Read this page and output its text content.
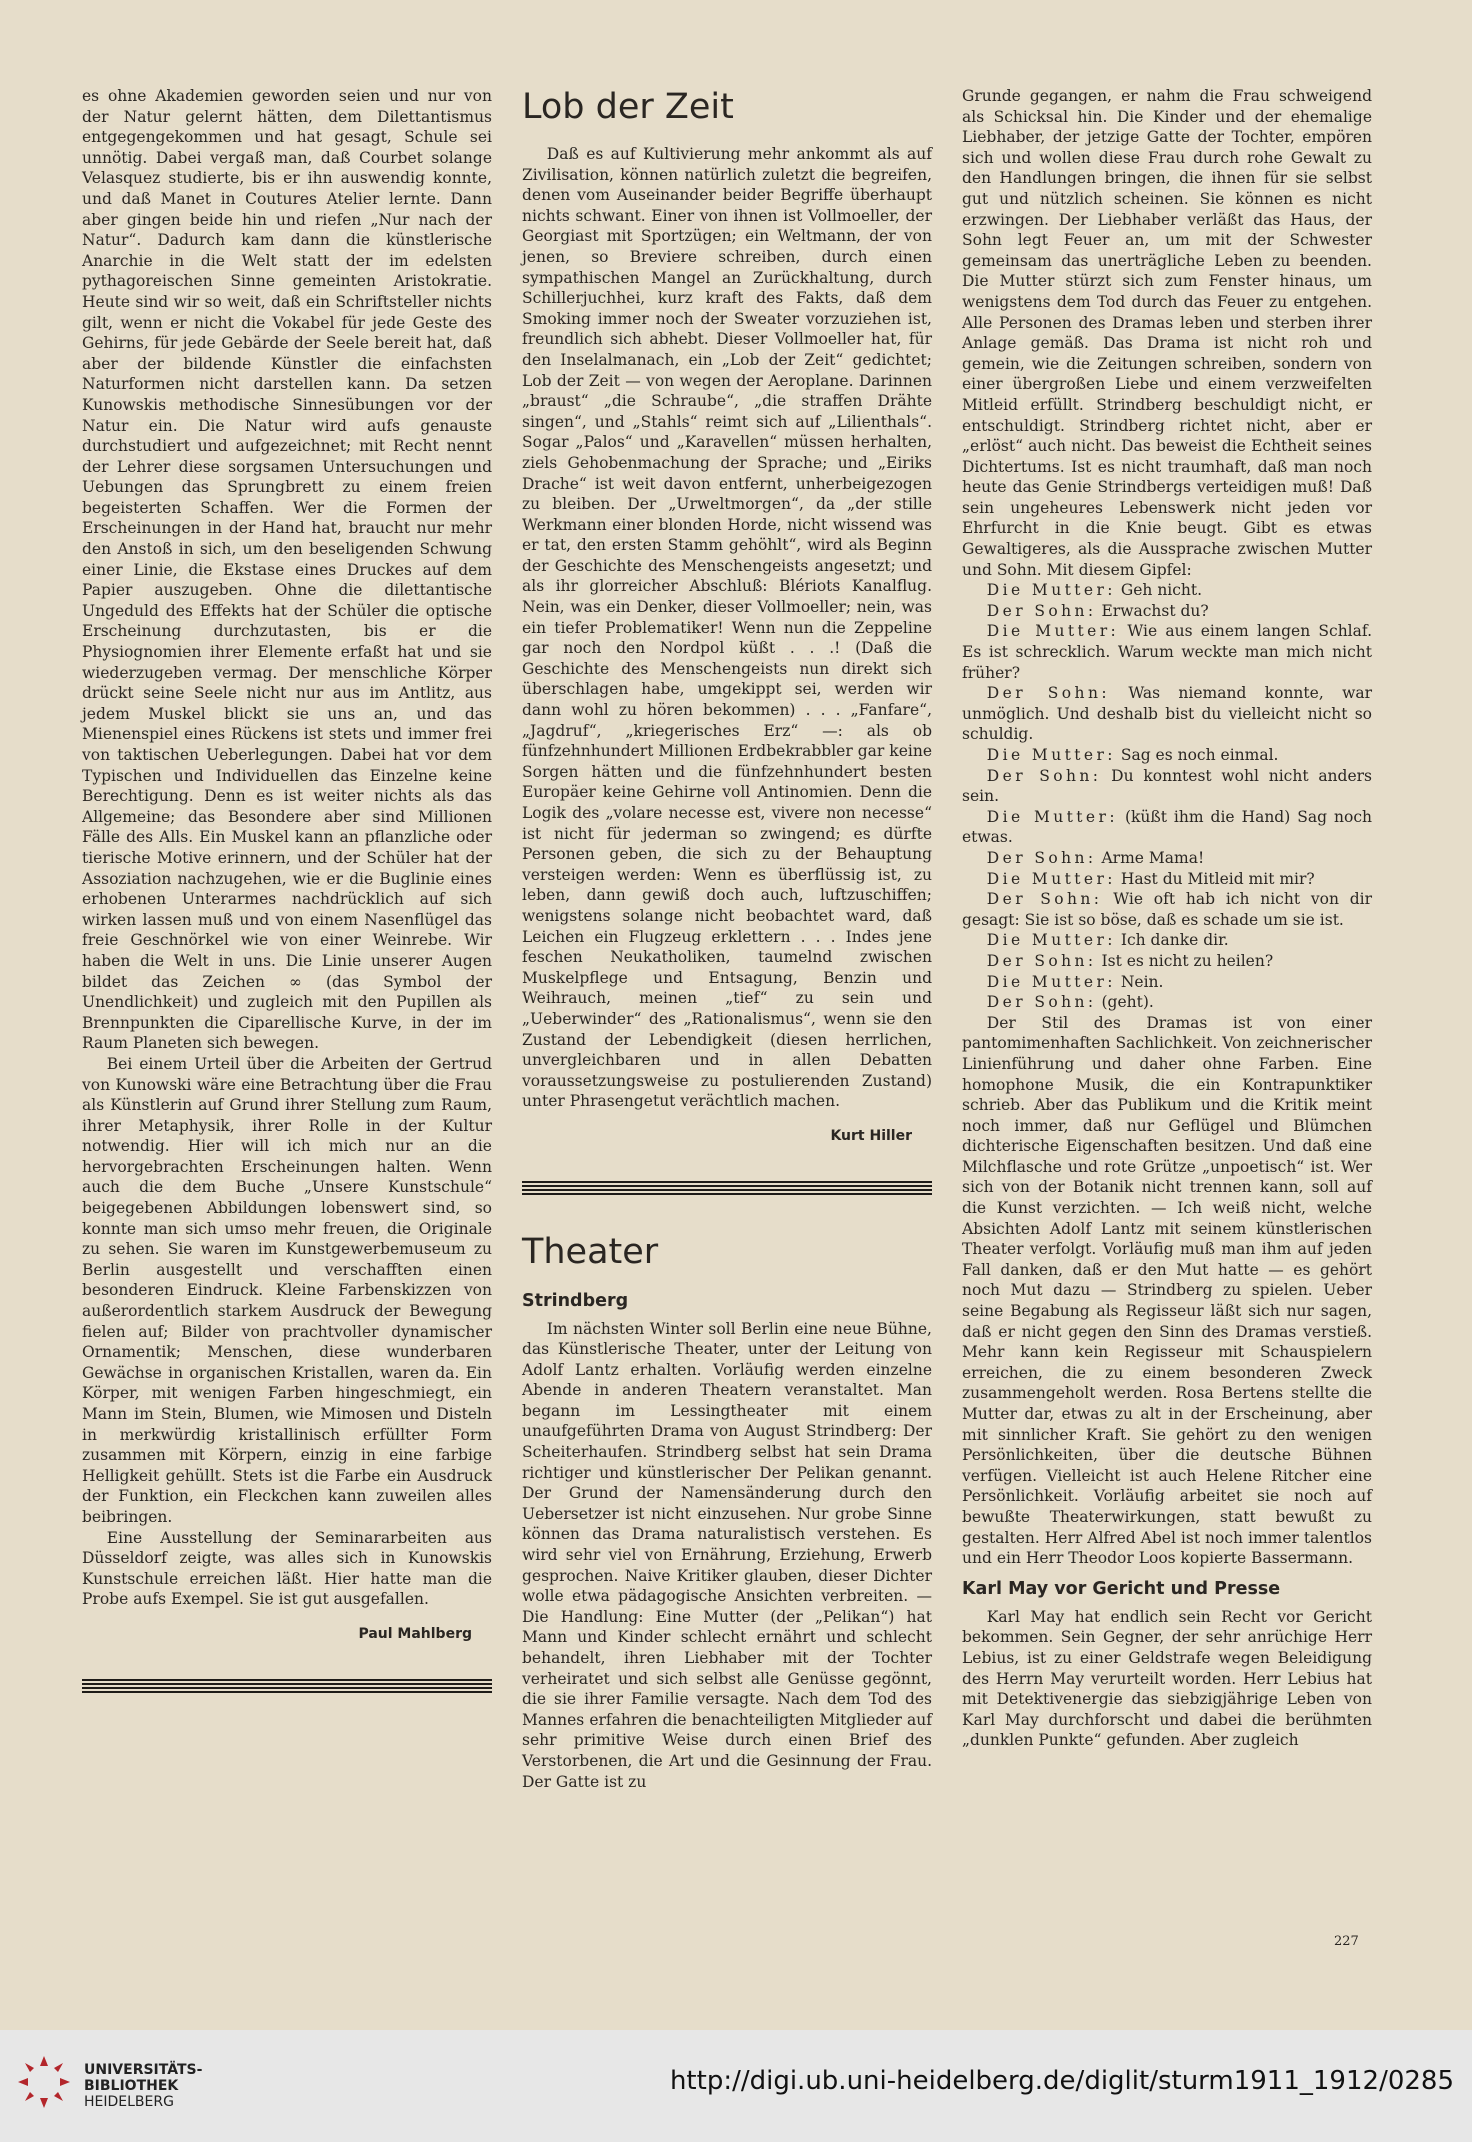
es ohne Akademien geworden seien und nur von der Natur gelernt hätten, dem Dilettantismus entgegengekommen und hat gesagt, Schule sei unnötig. Dabei vergaß man, daß Courbet solange Velasquez studierte, bis er ihn auswendig konnte, und daß Manet in Coutures Atelier lernte. Dann aber gingen beide hin und riefen „Nur nach der Natur“. Dadurch kam dann die künstlerische Anarchie in die Welt statt der im edelsten pythagoreischen Sinne gemeinten Aristokratie. Heute sind wir so weit, daß ein Schriftsteller nichts gilt, wenn er nicht die Vokabel für jede Geste des Gehirns, für jede Gebärde der Seele bereit hat, daß aber der bildende Künstler die einfachsten Naturformen nicht darstellen kann. Da setzen Kunowskis methodische Sinnesübungen vor der Natur ein. Die Natur wird aufs genauste durchstudiert und aufgezeichnet; mit Recht nennt der Lehrer diese sorgsamen Untersuchungen und Uebungen das Sprungbrett zu einem freien begeisterten Schaffen. Wer die Formen der Erscheinungen in der Hand hat, braucht nur mehr den Anstoß in sich, um den beseligenden Schwung einer Linie, die Ekstase eines Druckes auf dem Papier auszugeben. Ohne die dilettantische Ungeduld des Effekts hat der Schüler die optische Erscheinung durchzutasten, bis er die Physiognomien ihrer Elemente erfaßt hat und sie wiederzugeben vermag. Der menschliche Körper drückt seine Seele nicht nur aus im Antlitz, aus jedem Muskel blickt sie uns an, und das Mienenspiel eines Rückens ist stets und immer frei von taktischen Ueberlegungen. Dabei hat vor dem Typischen und Individuellen das Einzelne keine Berechtigung. Denn es ist weiter nichts als das Allgemeine; das Besondere aber sind Millionen Fälle des Alls. Ein Muskel kann an pflanzliche oder tierische Motive erinnern, und der Schüler hat der Assoziation nachzugehen, wie er die Buglinie eines erhobenen Unterarmes nachdrücklich auf sich wirken lassen muß und von einem Nasenflügel das freie Geschnörkel wie von einer Weinrebe. Wir haben die Welt in uns. Die Linie unserer Augen bildet das Zeichen ∞ (das Symbol der Unendlichkeit) und zugleich mit den Pupillen als Brennpunkten die Ciparellische Kurve, in der im Raum Planeten sich bewegen.

Bei einem Urteil über die Arbeiten der Gertrud von Kunowski wäre eine Betrachtung über die Frau als Künstlerin auf Grund ihrer Stellung zum Raum, ihrer Metaphysik, ihrer Rolle in der Kultur notwendig. Hier will ich mich nur an die hervorgebrachten Erscheinungen halten. Wenn auch die dem Buche „Unsere Kunstschule“ beigegebenen Abbildungen lobenswert sind, so konnte man sich umso mehr freuen, die Originale zu sehen. Sie waren im Kunstgewerbemuseum zu Berlin ausgestellt und verschafften einen besonderen Eindruck. Kleine Farbenskizzen von außerordentlich starkem Ausdruck der Bewegung fielen auf; Bilder von prachtvoller dynamischer Ornamentik; Menschen, diese wunderbaren Gewächse in organischen Kristallen, waren da. Ein Körper, mit wenigen Farben hingeschmiegt, ein Mann im Stein, Blumen, wie Mimosen und Disteln in merkwürdig kristallinisch erfüllter Form zusammen mit Körpern, einzig in eine farbige Helligkeit gehüllt. Stets ist die Farbe ein Ausdruck der Funktion, ein Fleckchen kann zuweilen alles beibringen.

Eine Ausstellung der Seminararbeiten aus Düsseldorf zeigte, was alles sich in Kunowskis Kunstschule erreichen läßt. Hier hatte man die Probe aufs Exempel. Sie ist gut ausgefallen.

Paul Mahlberg
Lob der Zeit

Daß es auf Kultivierung mehr ankommt als auf Zivilisation, können natürlich zuletzt die begreifen, denen vom Auseinander beider Begriffe überhaupt nichts schwant. Einer von ihnen ist Vollmoeller, der Georgiast mit Sportzügen; ein Weltmann, der von jenen, so Breviere schreiben, durch einen sympathischen Mangel an Zurückhaltung, durch Schillerjuchhei, kurz kraft des Fakts, daß dem Smoking immer noch der Sweater vorzuziehen ist, freundlich sich abhebt. Dieser Vollmoeller hat, für den Inselalmanach, ein „Lob der Zeit“ gedichtet; Lob der Zeit — von wegen der Aeroplane. Darinnen „braust“ „die Schraube“, „die straffen Drähte singen“, und „Stahls“ reimt sich auf „Lilienthals“. Sogar „Palos“ und „Karavellen“ müssen herhalten, ziels Gehobenmachung der Sprache; und „Eiriks Drache“ ist weit davon entfernt, unherbeigezogen zu bleiben. Der „Urweltmorgen“, da „der stille Werkmann einer blonden Horde, nicht wissend was er tat, den ersten Stamm gehöhlt“, wird als Beginn der Geschichte des Menschengeists angesetzt; und als ihr glorreicher Abschluß: Blériots Kanalflug. Nein, was ein Denker, dieser Vollmoeller; nein, was ein tiefer Problematiker! Wenn nun die Zeppeline gar noch den Nordpol küßt . . .! (Daß die Geschichte des Menschengeists nun direkt sich überschlagen habe, umgekippt sei, werden wir dann wohl zu hören bekommen) . . . „Fanfare“, „Jagdruf“, „kriegerisches Erz“ —: als ob fünfzehnhundert Millionen Erdbekrabbler gar keine Sorgen hätten und die fünfzehnhundert besten Europäer keine Gehirne voll Antinomien. Denn die Logik des „volare necesse est, vivere non necesse“ ist nicht für jederman so zwingend; es dürfte Personen geben, die sich zu der Behauptung versteigen werden: Wenn es überflüssig ist, zu leben, dann gewiß doch auch, luftzuschiffen; wenigstens solange nicht beobachtet ward, daß Leichen ein Flugzeug erklettern . . . Indes jene feschen Neukatholiken, taumelnd zwischen Muskelpflege und Entsagung, Benzin und Weihrauch, meinen „tief“ zu sein und „Ueberwinder“ des „Rationalismus“, wenn sie den Zustand der Lebendigkeit (diesen herrlichen, unvergleichbaren und in allen Debatten voraussetzungsweise zu postulierenden Zustand) unter Phrasengetut verächtlich machen.

Kurt Hiller
Theater
Strindberg

Im nächsten Winter soll Berlin eine neue Bühne, das Künstlerische Theater, unter der Leitung von Adolf Lantz erhalten. Vorläufig werden einzelne Abende in anderen Theatern veranstaltet. Man begann im Lessingtheater mit einem unaufgeführten Drama von August Strindberg: Der Scheiterhaufen. Strindberg selbst hat sein Drama richtiger und künstlerischer Der Pelikan genannt. Der Grund der Namensänderung durch den Uebersetzer ist nicht einzusehen. Nur grobe Sinne können das Drama naturalistisch verstehen. Es wird sehr viel von Ernährung, Erziehung, Erwerb gesprochen. Naive Kritiker glauben, dieser Dichter wolle etwa pädagogische Ansichten verbreiten. — Die Handlung: Eine Mutter (der „Pelikan“) hat Mann und Kinder schlecht ernährt und schlecht behandelt, ihren Liebhaber mit der Tochter verheiratet und sich selbst alle Genüsse gegönnt, die sie ihrer Familie versagte. Nach dem Tod des Mannes erfahren die benachteiligten Mitglieder auf sehr primitive Weise durch einen Brief des Verstorbenen, die Art und die Gesinnung der Frau. Der Gatte ist zu

Grunde gegangen, er nahm die Frau schweigend als Schicksal hin. Die Kinder und der ehemalige Liebhaber, der jetzige Gatte der Tochter, empören sich und wollen diese Frau durch rohe Gewalt zu den Handlungen bringen, die ihnen für sie selbst gut und nützlich scheinen. Sie können es nicht erzwingen. Der Liebhaber verläßt das Haus, der Sohn legt Feuer an, um mit der Schwester gemeinsam das unerträgliche Leben zu beenden. Die Mutter stürzt sich zum Fenster hinaus, um wenigstens dem Tod durch das Feuer zu entgehen. Alle Personen des Dramas leben und sterben ihrer Anlage gemäß. Das Drama ist nicht roh und gemein, wie die Zeitungen schreiben, sondern von einer übergroßen Liebe und einem verzweifelten Mitleid erfüllt. Strindberg beschuldigt nicht, er entschuldigt. Strindberg richtet nicht, aber er „erlöst“ auch nicht. Das beweist die Echtheit seines Dichtertums. Ist es nicht traumhaft, daß man noch heute das Genie Strindbergs verteidigen muß! Daß sein ungeheures Lebenswerk nicht jeden vor Ehrfurcht in die Knie beugt. Gibt es etwas Gewaltigeres, als die Aussprache zwischen Mutter und Sohn. Mit diesem Gipfel:

Die Mutter: Geh nicht.

Der Sohn: Erwachst du?

Die Mutter: Wie aus einem langen Schlaf. Es ist schrecklich. Warum weckte man mich nicht früher?

Der Sohn: Was niemand konnte, war unmöglich. Und deshalb bist du vielleicht nicht so schuldig.

Die Mutter: Sag es noch einmal.

Der Sohn: Du konntest wohl nicht anders sein.

Die Mutter: (küßt ihm die Hand) Sag noch etwas.

Der Sohn: Arme Mama!

Die Mutter: Hast du Mitleid mit mir?

Der Sohn: Wie oft hab ich nicht von dir gesagt: Sie ist so böse, daß es schade um sie ist.

Die Mutter: Ich danke dir.

Der Sohn: Ist es nicht zu heilen?

Die Mutter: Nein.

Der Sohn: (geht).

Der Stil des Dramas ist von einer pantomimenhaften Sachlichkeit. Von zeichnerischer Linienführung und daher ohne Farben. Eine homophone Musik, die ein Kontrapunktiker schrieb. Aber das Publikum und die Kritik meint noch immer, daß nur Geflügel und Blümchen dichterische Eigenschaften besitzen. Und daß eine Milchflasche und rote Grütze „unpoetisch“ ist. Wer sich von der Botanik nicht trennen kann, soll auf die Kunst verzichten. — Ich weiß nicht, welche Absichten Adolf Lantz mit seinem künstlerischen Theater verfolgt. Vorläufig muß man ihm auf jeden Fall danken, daß er den Mut hatte — es gehört noch Mut dazu — Strindberg zu spielen. Ueber seine Begabung als Regisseur läßt sich nur sagen, daß er nicht gegen den Sinn des Dramas verstieß. Mehr kann kein Regisseur mit Schauspielern erreichen, die zu einem besonderen Zweck zusammengeholt werden. Rosa Bertens stellte die Mutter dar, etwas zu alt in der Erscheinung, aber mit sinnlicher Kraft. Sie gehört zu den wenigen Persönlichkeiten, über die deutsche Bühnen verfügen. Vielleicht ist auch Helene Ritcher eine Persönlichkeit. Vorläufig arbeitet sie noch auf bewußte Theaterwirkungen, statt bewußt zu gestalten. Herr Alfred Abel ist noch immer talentlos und ein Herr Theodor Loos kopierte Bassermann.

Karl May vor Gericht und Presse

Karl May hat endlich sein Recht vor Gericht bekommen. Sein Gegner, der sehr anrüchige Herr Lebius, ist zu einer Geldstrafe wegen Beleidigung des Herrn May verurteilt worden. Herr Lebius hat mit Detektivenergie das siebzigjährige Leben von Karl May durchforscht und dabei die berühmten „dunklen Punkte“ gefunden. Aber zugleich

227
UNIVERSITÄTS-
BIBLIOTHEK
HEIDELBERG
http://digi.ub.uni-heidelberg.de/diglit/sturm1911_1912/0285
